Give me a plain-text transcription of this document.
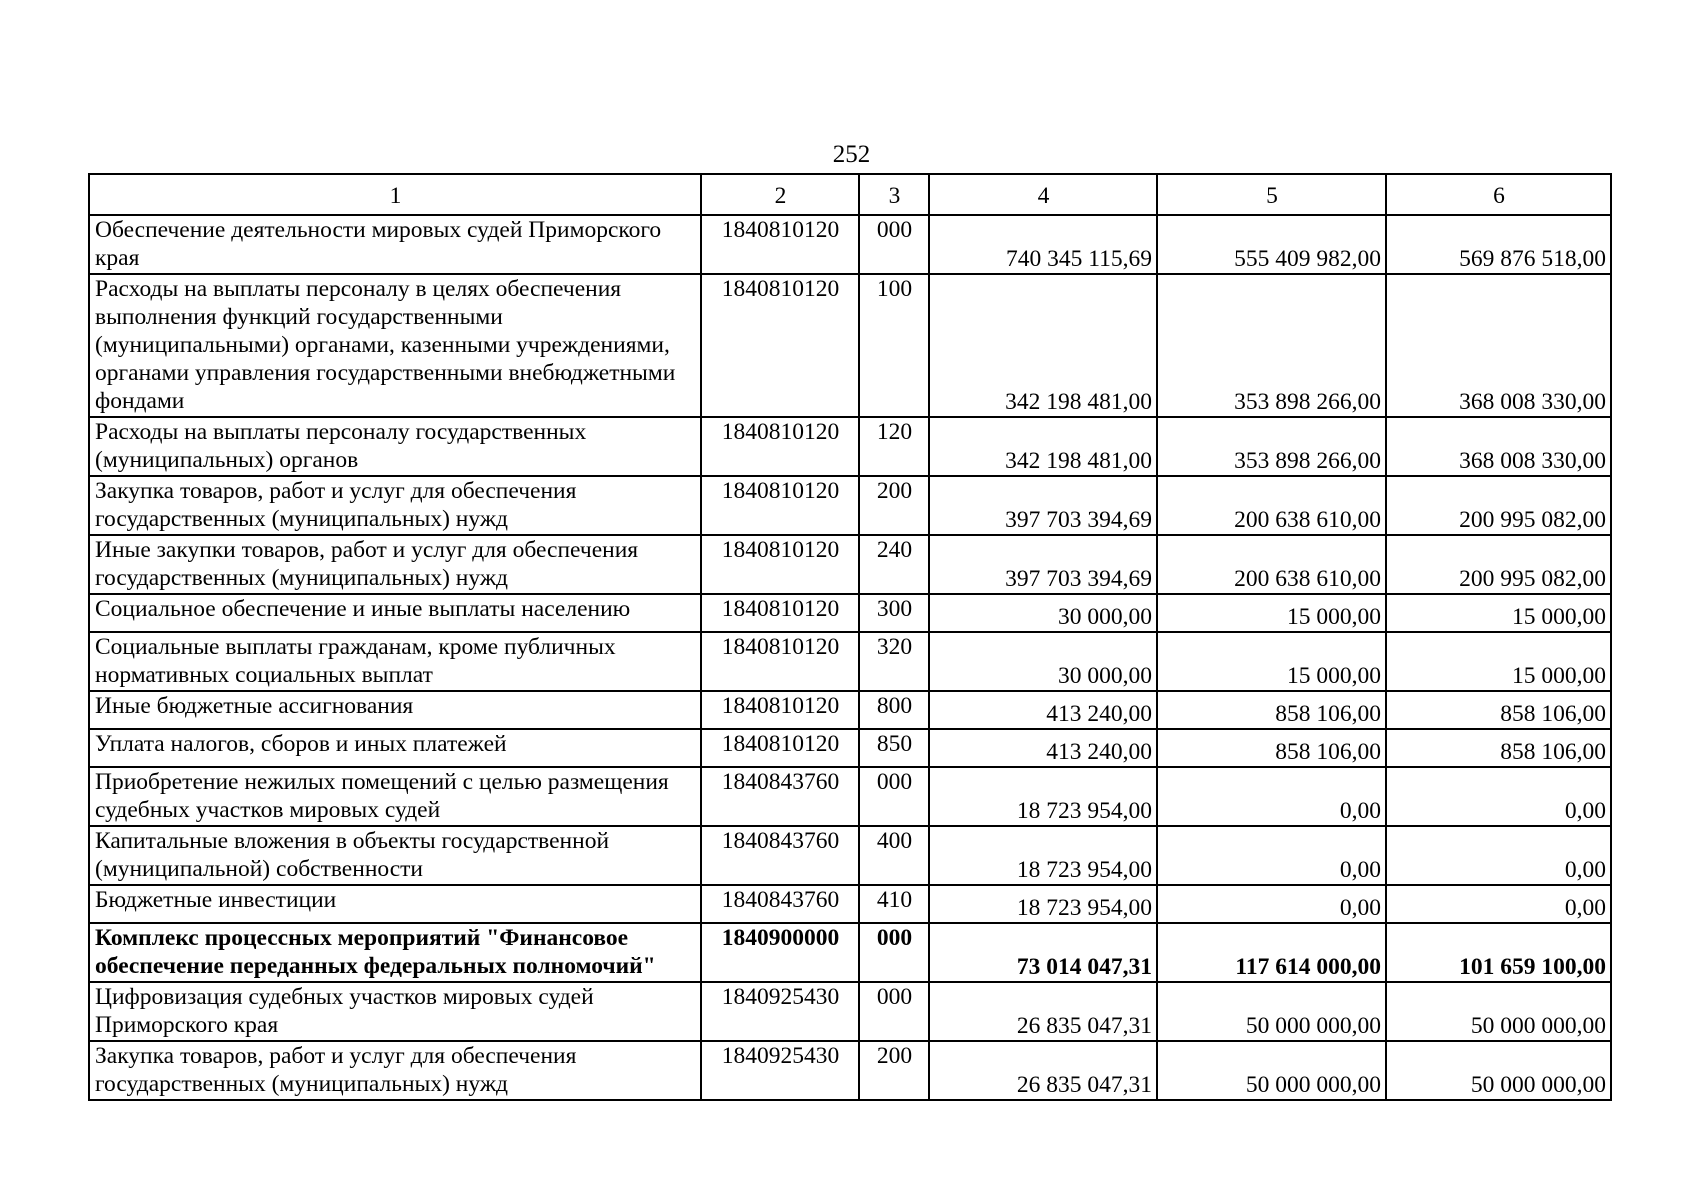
252
1	2	3	4	5	6
Обеспечение деятельности мировых судей Приморского края	1840810120	000	740 345 115,69	555 409 982,00	569 876 518,00
Расходы на выплаты персоналу в целях обеспечения выполнения функций государственными (муниципальными) органами, казенными учреждениями, органами управления государственными внебюджетными фондами	1840810120	100	342 198 481,00	353 898 266,00	368 008 330,00
Расходы на выплаты персоналу государственных (муниципальных) органов	1840810120	120	342 198 481,00	353 898 266,00	368 008 330,00
Закупка товаров, работ и услуг для обеспечения государственных (муниципальных) нужд	1840810120	200	397 703 394,69	200 638 610,00	200 995 082,00
Иные закупки товаров, работ и услуг для обеспечения государственных (муниципальных) нужд	1840810120	240	397 703 394,69	200 638 610,00	200 995 082,00
Социальное обеспечение и иные выплаты населению	1840810120	300	30 000,00	15 000,00	15 000,00
Социальные выплаты гражданам, кроме публичных нормативных социальных выплат	1840810120	320	30 000,00	15 000,00	15 000,00
Иные бюджетные ассигнования	1840810120	800	413 240,00	858 106,00	858 106,00
Уплата налогов, сборов и иных платежей	1840810120	850	413 240,00	858 106,00	858 106,00
Приобретение нежилых помещений с целью размещения судебных участков мировых судей	1840843760	000	18 723 954,00	0,00	0,00
Капитальные вложения в объекты государственной (муниципальной) собственности	1840843760	400	18 723 954,00	0,00	0,00
Бюджетные инвестиции	1840843760	410	18 723 954,00	0,00	0,00
Комплекс процессных мероприятий "Финансовое обеспечение переданных федеральных полномочий"	1840900000	000	73 014 047,31	117 614 000,00	101 659 100,00
Цифровизация судебных участков мировых судей Приморского края	1840925430	000	26 835 047,31	50 000 000,00	50 000 000,00
Закупка товаров, работ и услуг для обеспечения государственных (муниципальных) нужд	1840925430	200	26 835 047,31	50 000 000,00	50 000 000,00
